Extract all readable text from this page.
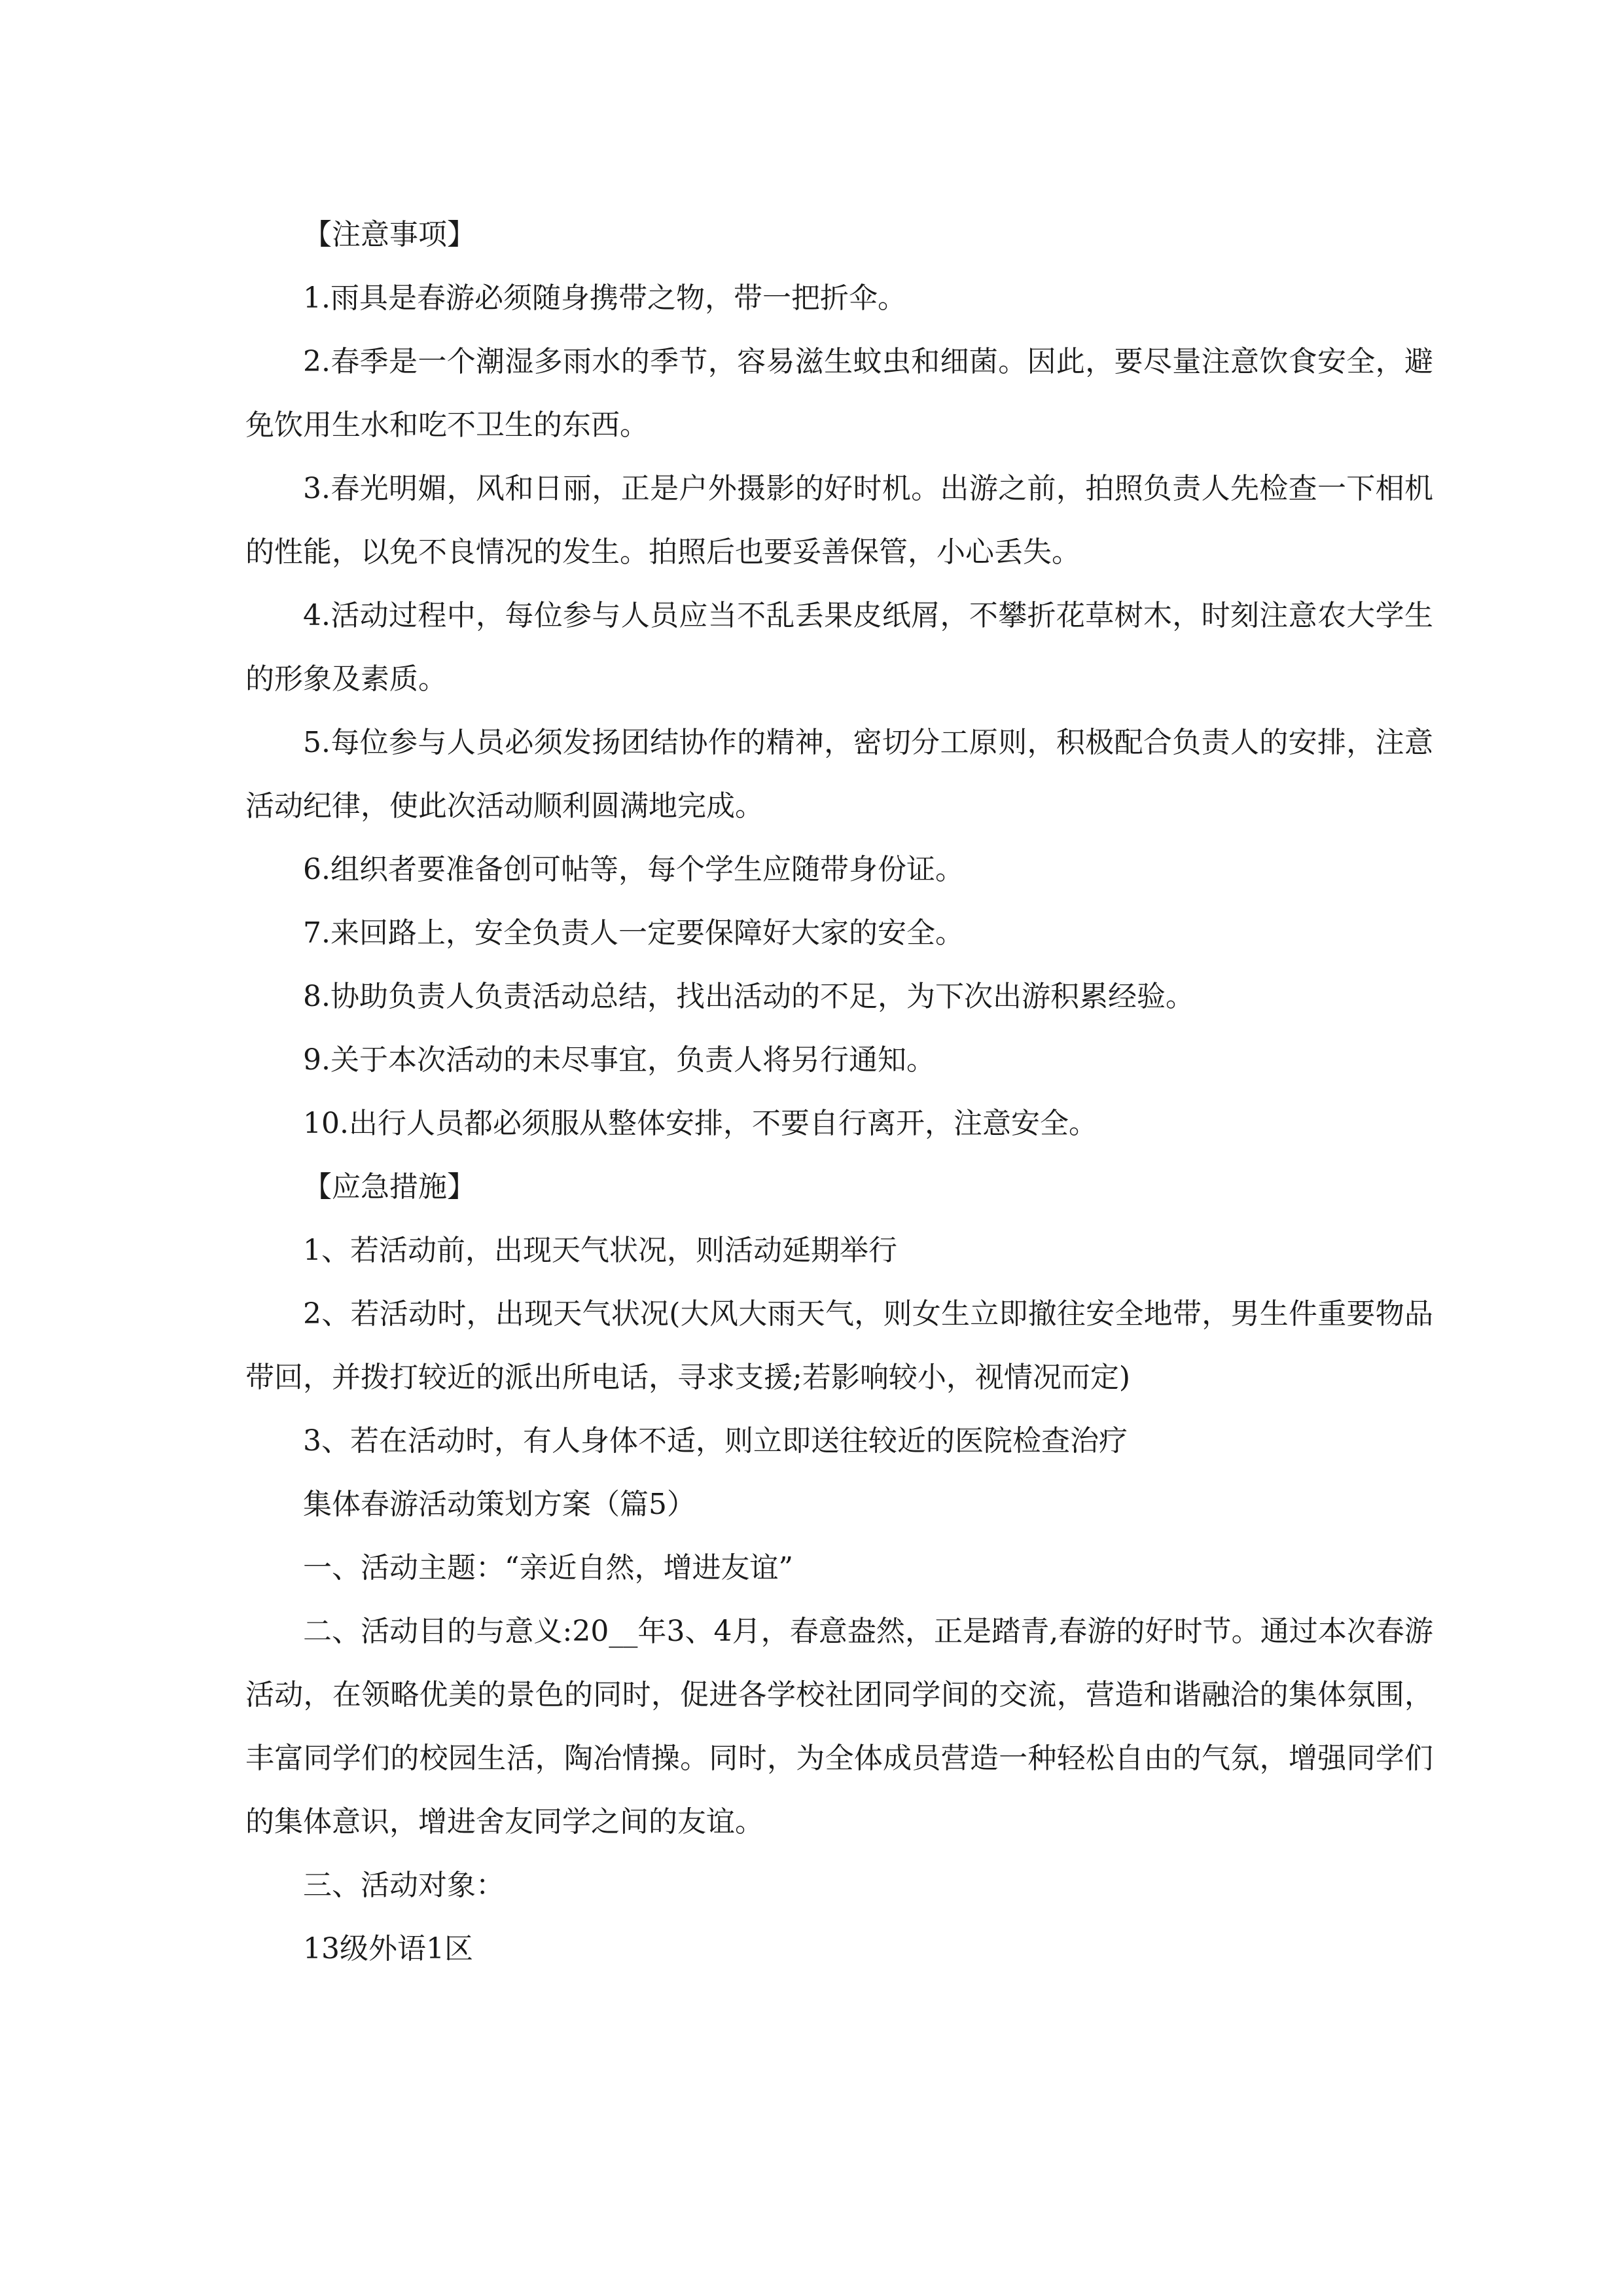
【注意事项】

1.雨具是春游必须随身携带之物，带一把折伞。

2.春季是一个潮湿多雨水的季节，容易滋生蚊虫和细菌。因此，要尽量注意饮食安全，避免饮用生水和吃不卫生的东西。

3.春光明媚，风和日丽，正是户外摄影的好时机。出游之前，拍照负责人先检查一下相机的性能，以免不良情况的发生。拍照后也要妥善保管，小心丢失。

4.活动过程中，每位参与人员应当不乱丢果皮纸屑，不攀折花草树木，时刻注意农大学生的形象及素质。

5.每位参与人员必须发扬团结协作的精神，密切分工原则，积极配合负责人的安排，注意活动纪律，使此次活动顺利圆满地完成。

6.组织者要准备创可帖等，每个学生应随带身份证。

7.来回路上，安全负责人一定要保障好大家的安全。

8.协助负责人负责活动总结，找出活动的不足，为下次出游积累经验。

9.关于本次活动的未尽事宜，负责人将另行通知。

10.出行人员都必须服从整体安排，不要自行离开，注意安全。

【应急措施】

1、若活动前，出现天气状况，则活动延期举行

2、若活动时，出现天气状况(大风大雨天气，则女生立即撤往安全地带，男生件重要物品带回，并拨打较近的派出所电话，寻求支援;若影响较小，视情况而定)

3、若在活动时，有人身体不适，则立即送往较近的医院检查治疗

集体春游活动策划方案（篇5）

一、活动主题：“亲近自然，增进友谊”

二、活动目的与意义:20__年3、4月，春意盎然，正是踏青,春游的好时节。通过本次春游活动，在领略优美的景色的同时，促进各学校社团同学间的交流，营造和谐融洽的集体氛围，丰富同学们的校园生活，陶冶情操。同时，为全体成员营造一种轻松自由的气氛，增强同学们的集体意识，增进舍友同学之间的友谊。

三、活动对象：

13级外语1区
